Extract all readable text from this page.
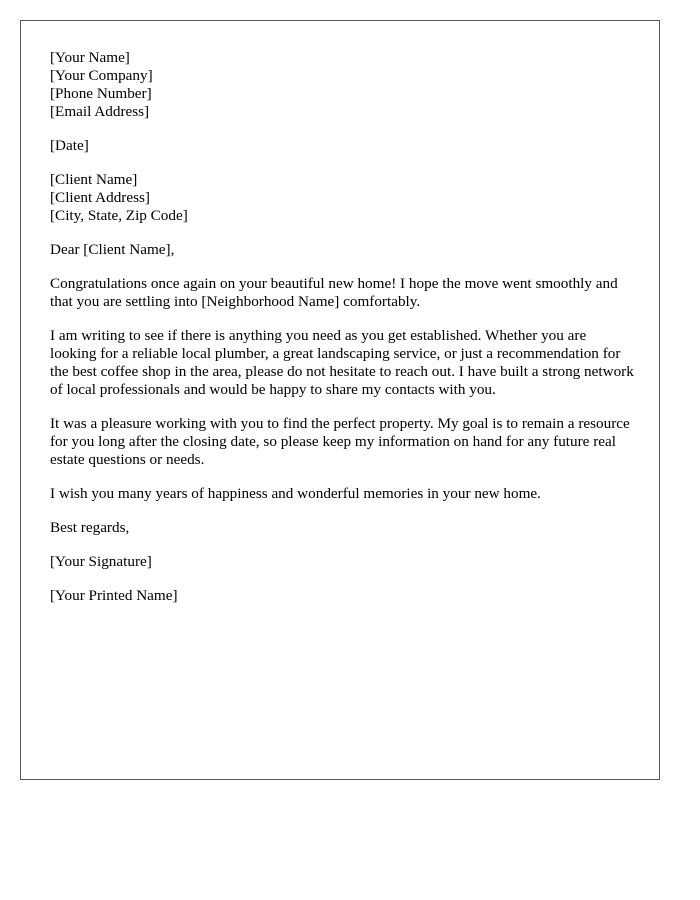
[Your Name]
[Your Company]
[Phone Number]
[Email Address]
[Date]
[Client Name]
[Client Address]
[City, State, Zip Code]

Dear [Client Name],

Congratulations once again on your beautiful new home! I hope the move went smoothly and that you are settling into [Neighborhood Name] comfortably.

I am writing to see if there is anything you need as you get established. Whether you are looking for a reliable local plumber, a great landscaping service, or just a recommendation for the best coffee shop in the area, please do not hesitate to reach out. I have built a strong network of local professionals and would be happy to share my contacts with you.

It was a pleasure working with you to find the perfect property. My goal is to remain a resource for you long after the closing date, so please keep my information on hand for any future real estate questions or needs.

I wish you many years of happiness and wonderful memories in your new home.

Best regards,

[Your Signature]

[Your Printed Name]
